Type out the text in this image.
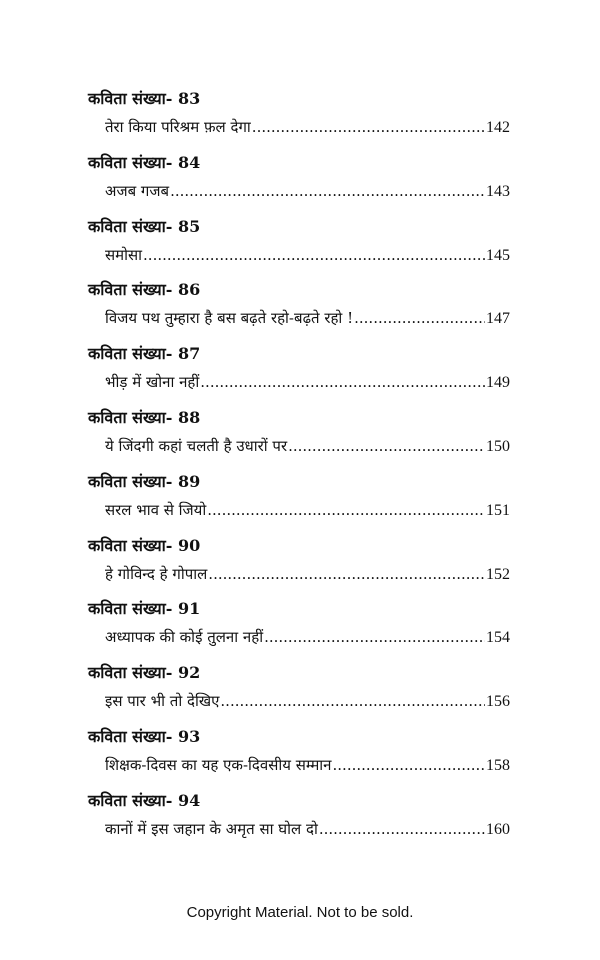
कविता संख्या- 83
तेरा किया परिश्रम फ़ल देगा .....	142
कविता संख्या- 84
अजब गजब .....	143
कविता संख्या- 85
समोसा .....	145
कविता संख्या- 86
विजय पथ तुम्हारा है बस बढ़ते रहो-बढ़ते रहो ! .....	147
कविता संख्या- 87
भीड़ में खोना नहीं .....	149
कविता संख्या- 88
ये जिंदगी कहां चलती है उधारों पर .....	150
कविता संख्या- 89
सरल भाव से जियो .....	151
कविता संख्या- 90
हे गोविन्द हे गोपाल .....	152
कविता संख्या- 91
अध्यापक की कोई तुलना नहीं .....	154
कविता संख्या- 92
इस पार भी तो देखिए .....	156
कविता संख्या- 93
शिक्षक-दिवस का यह एक-दिवसीय सम्मान .....	158
कविता संख्या- 94
कानों में इस जहान के अमृत सा घोल दो .....	160
Copyright Material. Not to be sold.
